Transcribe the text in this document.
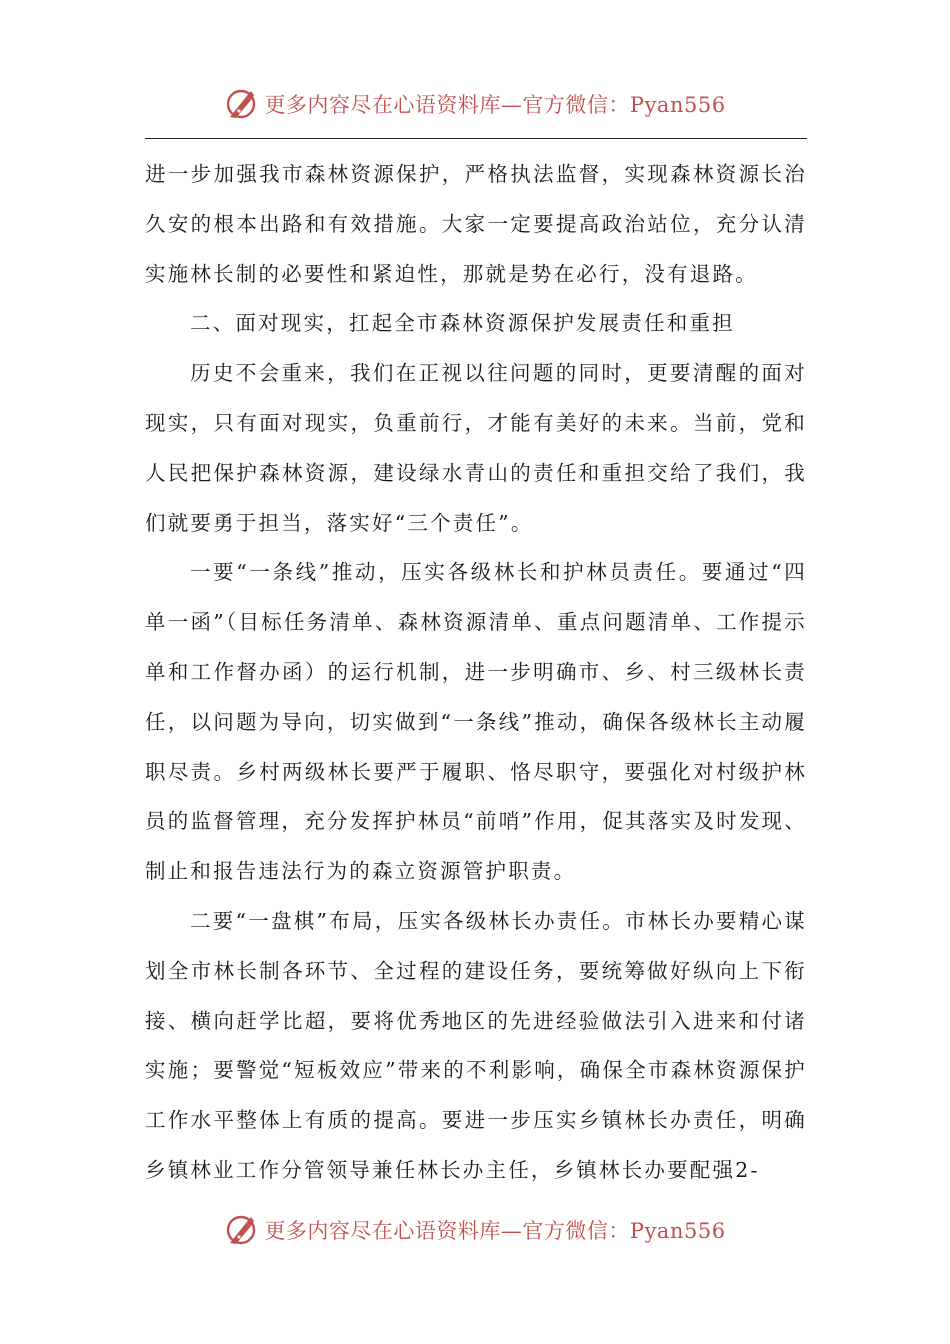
更多内容尽在心语资料库—官方微信：Pyan556

进一步加强我市森林资源保护，严格执法监督，实现森林资源长治久安的根本出路和有效措施。大家一定要提高政治站位，充分认清实施林长制的必要性和紧迫性，那就是势在必行，没有退路。

二、面对现实，扛起全市森林资源保护发展责任和重担

历史不会重来，我们在正视以往问题的同时，更要清醒的面对现实，只有面对现实，负重前行，才能有美好的未来。当前，党和人民把保护森林资源，建设绿水青山的责任和重担交给了我们，我们就要勇于担当，落实好“三个责任”。

一要“一条线”推动，压实各级林长和护林员责任。要通过“四单一函”（目标任务清单、森林资源清单、重点问题清单、工作提示单和工作督办函）的运行机制，进一步明确市、乡、村三级林长责任，以问题为导向，切实做到“一条线”推动，确保各级林长主动履职尽责。乡村两级林长要严于履职、恪尽职守，要强化对村级护林员的监督管理，充分发挥护林员“前哨”作用，促其落实及时发现、制止和报告违法行为的森立资源管护职责。

二要“一盘棋”布局，压实各级林长办责任。市林长办要精心谋划全市林长制各环节、全过程的建设任务，要统筹做好纵向上下衔接、横向赶学比超，要将优秀地区的先进经验做法引入进来和付诸实施；要警觉“短板效应”带来的不利影响，确保全市森林资源保护工作水平整体上有质的提高。要进一步压实乡镇林长办责任，明确乡镇林业工作分管领导兼任林长办主任，乡镇林长办要配强2-

更多内容尽在心语资料库—官方微信：Pyan556
